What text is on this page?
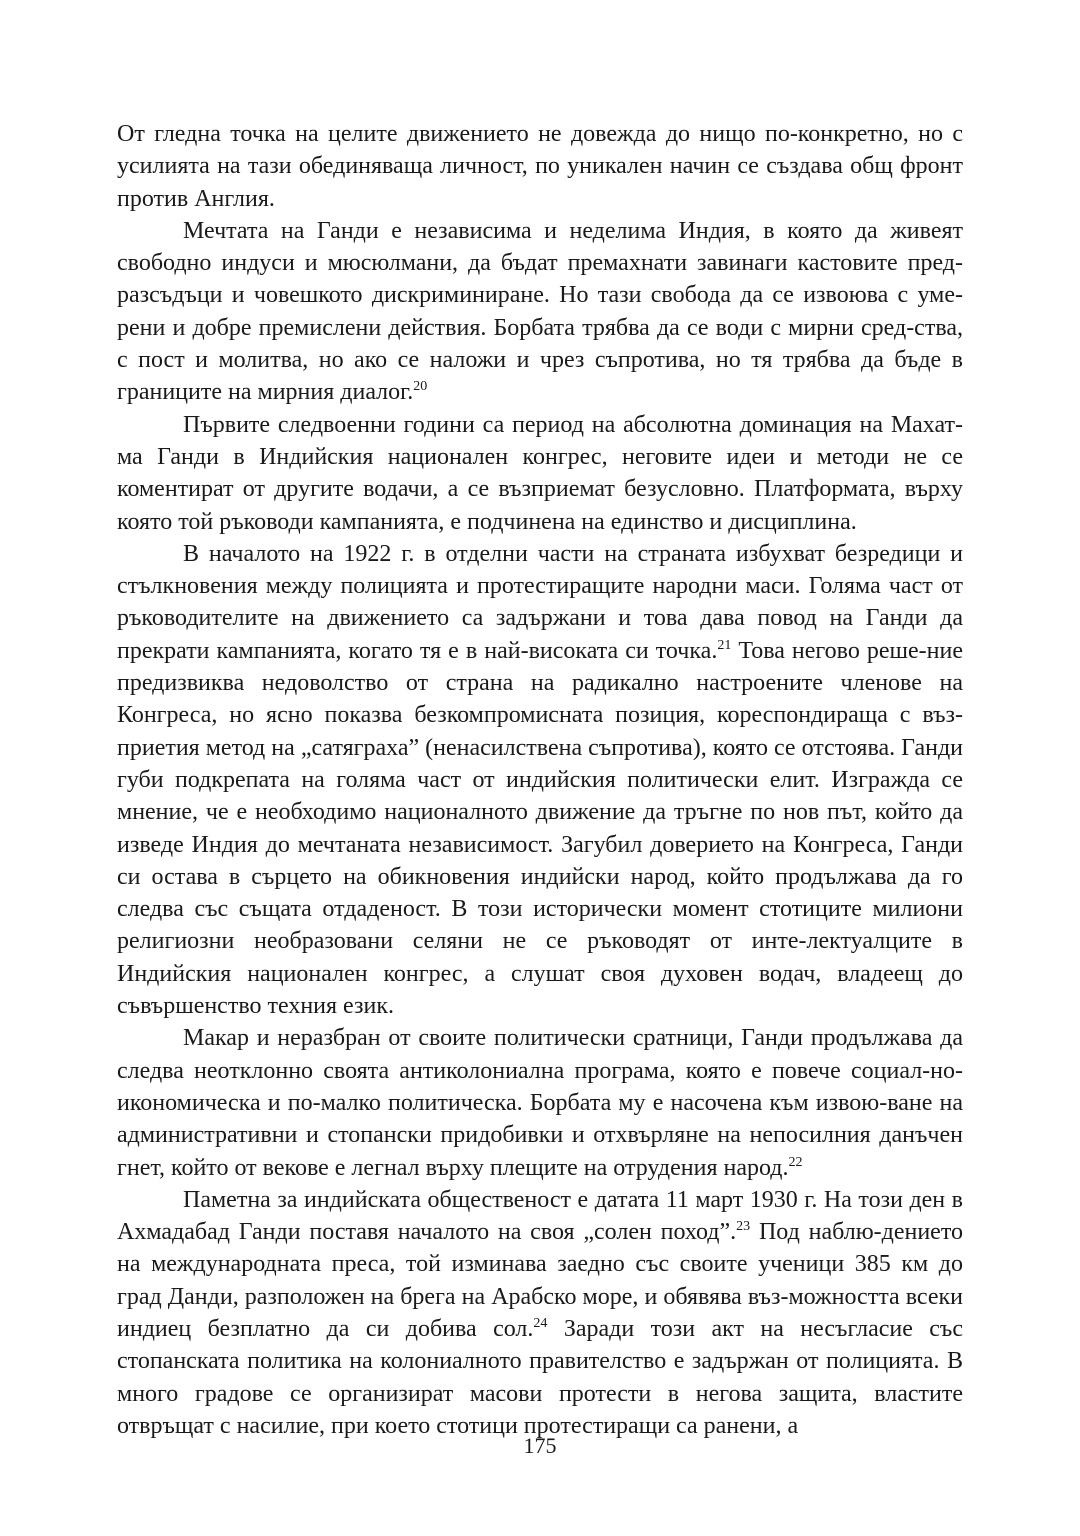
От гледна точка на целите движението не довежда до нищо по-конкретно, но с усилията на тази обединяваща личност, по уникален начин се създава общ фронт против Англия.

Мечтата на Ганди е независима и неделима Индия, в която да живеят свободно индуси и мюсюлмани, да бъдат премахнати завинаги кастовите пред-разсъдъци и човешкото дискриминиране. Но тази свобода да се извоюва с уме-рени и добре премислени действия. Борбата трябва да се води с мирни сред-ства, с пост и молитва, но ако се наложи и чрез съпротива, но тя трябва да бъде в границите на мирния диалог.$^{20}$

Първите следвоенни години са период на абсолютна доминация на Махат-ма Ганди в Индийския национален конгрес, неговите идеи и методи не се коментират от другите водачи, а се възприемат безусловно. Платформата, върху която той ръководи кампанията, е подчинена на единство и дисциплина.

В началото на 1922 г. в отделни части на страната избухват безредици и стълкновения между полицията и протестиращите народни маси. Голяма част от ръководителите на движението са задържани и това дава повод на Ганди да прекрати кампанията, когато тя е в най-високата си точка.$^{21}$ Това негово реше-ние предизвиква недоволство от страна на радикално настроените членове на Конгреса, но ясно показва безкомпромисната позиция, кореспондираща с въз-приетия метод на „сатяграха” (ненасилствена съпротива), която се отстоява. Ганди губи подкрепата на голяма част от индийския политически елит. Изгражда се мнение, че е необходимо националното движение да тръгне по нов път, който да изведе Индия до мечтаната независимост. Загубил доверието на Конгреса, Ганди си остава в сърцето на обикновения индийски народ, който продължава да го следва със същата отдаденост. В този исторически момент стотиците милиони религиозни необразовани селяни не се ръководят от инте-лектуалците в Индийския национален конгрес, а слушат своя духовен водач, владеещ до съвършенство техния език.

Макар и неразбран от своите политически сратници, Ганди продължава да следва неотклонно своята антиколониална програма, която е повече социал-но-икономическа и по-малко политическа. Борбата му е насочена към извою-ване на административни и стопански придобивки и отхвърляне на непосилния данъчен гнет, който от векове е легнал върху плещите на отрудения народ.$^{22}$

Паметна за индийската общественост е датата 11 март 1930 г. На този ден в Ахмадабад Ганди поставя началото на своя „солен поход”.$^{23}$ Под наблю-дението на международната преса, той изминава заедно със своите ученици 385 км до град Данди, разположен на брега на Арабско море, и обявява въз-можността всеки индиец безплатно да си добива сол.$^{24}$ Заради този акт на несъгласие със стопанската политика на колониалното правителство е задържан от полицията. В много градове се организират масови протести в негова защита, властите отвръщат с насилие, при което стотици протестиращи са ранени, а

175
